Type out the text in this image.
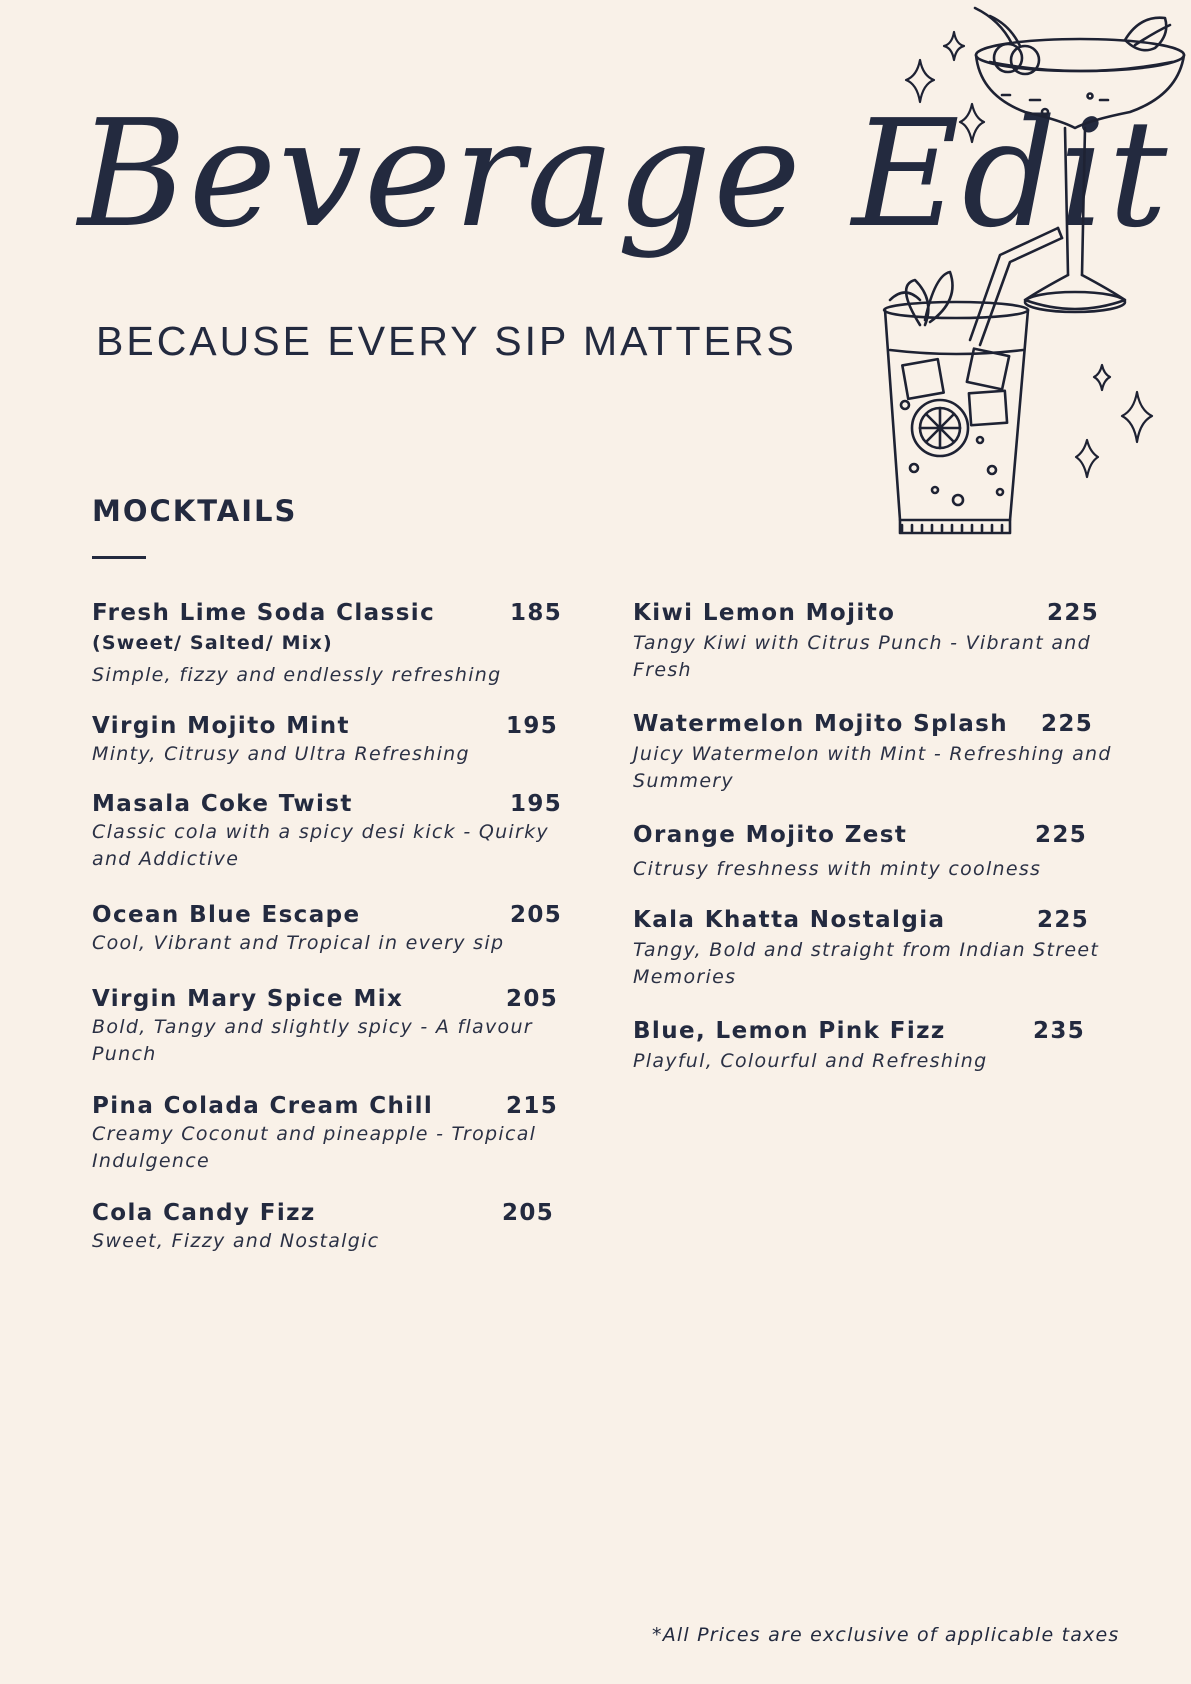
Beverage Edit
BECAUSE EVERY SIP MATTERS
MOCKTAILS
Fresh Lime Soda Classic	185
(Sweet/ Salted/ Mix)
Simple, fizzy and endlessly refreshing
Virgin Mojito Mint	195
Minty, Citrusy and Ultra Refreshing
Masala Coke Twist	195
Classic cola with a spicy desi kick - Quirky and Addictive
Ocean Blue Escape	205
Cool, Vibrant and Tropical in every sip
Virgin Mary Spice Mix	205
Bold, Tangy and slightly spicy - A flavour Punch
Pina Colada Cream Chill	215
Creamy Coconut and pineapple - Tropical Indulgence
Cola Candy Fizz	205
Sweet, Fizzy and Nostalgic
Kiwi Lemon Mojito	225
Tangy Kiwi with Citrus Punch - Vibrant and Fresh
Watermelon Mojito Splash 225
Juicy Watermelon with Mint - Refreshing and Summery
Orange Mojito Zest	225
Citrusy freshness with minty coolness
Kala Khatta Nostalgia	225
Tangy, Bold and straight from Indian Street Memories
Blue, Lemon Pink Fizz	235
Playful, Colourful and Refreshing
*All Prices are exclusive of applicable taxes
